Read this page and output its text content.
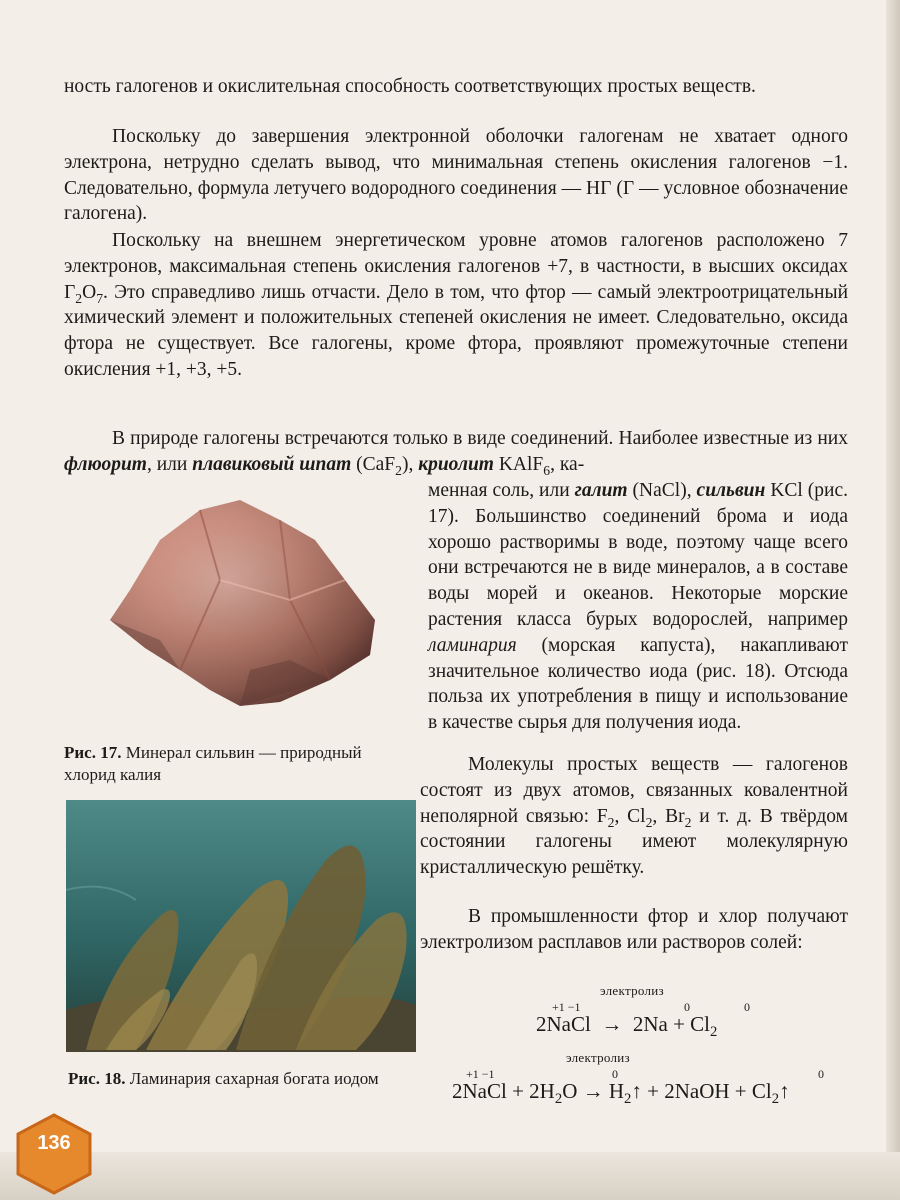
ность галогенов и окислительная способность соответствующих простых веществ.

Поскольку до завершения электронной оболочки галогенам не хватает одного электрона, нетрудно сделать вывод, что минимальная степень окисления галогенов −1. Следовательно, формула летучего водородного соединения — НГ (Г — условное обозначение галогена).

Поскольку на внешнем энергетическом уровне атомов галогенов расположено 7 электронов, максимальная степень окисления галогенов +7, в частности, в высших оксидах $Г_2О_7$. Это справедливо лишь отчасти. Дело в том, что фтор — самый электроотрицательный химический элемент и положительных степеней окисления не имеет. Следовательно, оксида фтора не существует. Все галогены, кроме фтора, проявляют промежуточные степени окисления +1, +3, +5.

В природе галогены встречаются только в виде соединений. Наиболее известные из них флюорит, или плавиковый шпат (CaF$_2$), криолит KAlF$_6$, ка-

менная соль, или галит (NaCl), сильвин KCl (рис. 17). Большинство соединений брома и иода хорошо растворимы в воде, поэтому чаще всего они встречаются не в виде минералов, а в составе воды морей и океанов. Некоторые морские растения класса бурых водорослей, например ламинария (морская капуста), накапливают значительное количество иода (рис. 18). Отсюда польза их употребления в пищу и использование в качестве сырья для получения иода.

Рис. 17. Минерал сильвин — природный хлорид калия

Рис. 18. Ламинария сахарная богата иодом

Молекулы простых веществ — галогенов состоят из двух атомов, связанных ковалентной неполярной связью: $F_2$, $Cl_2$, $Br_2$ и т. д. В твёрдом состоянии галогены имеют молекулярную кристаллическую решётку.

В промышленности фтор и хлор получают электролизом расплавов или растворов солей:

электролиз
+1 −1	0	0
2NaCl → $2Na + Cl_2$
электролиз
+1 −1	0	0
2NaCl + $2H_2O$ → $H_2↑$ + 2NaOH + $Cl_2↑$
136
